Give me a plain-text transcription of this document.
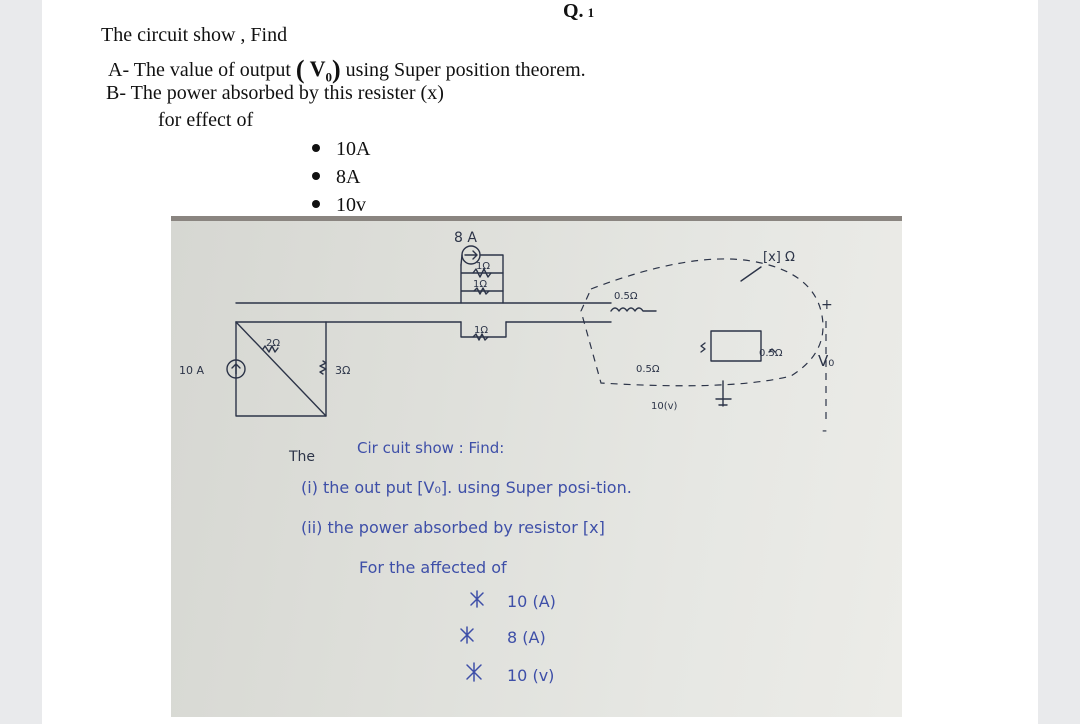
Q. 1
The circuit show , Find
A- The value of output ( $V_0$) using Super position theorem.
B- The power absorbed by this resister (x)
for effect of
10A
8A
10v
8 A
1Ω
1Ω
1Ω
2Ω
10 A	3Ω
0.5Ω
0.5Ω
0.5Ω
10(v)
[x] Ω
+
V₀
-
The	Cir cuit show : Find:
(i) the out put [V₀]. using Super posi-tion.
(ii) the power absorbed by resistor [x]
For the affected of
10 (A)
8 (A)
10 (v)
